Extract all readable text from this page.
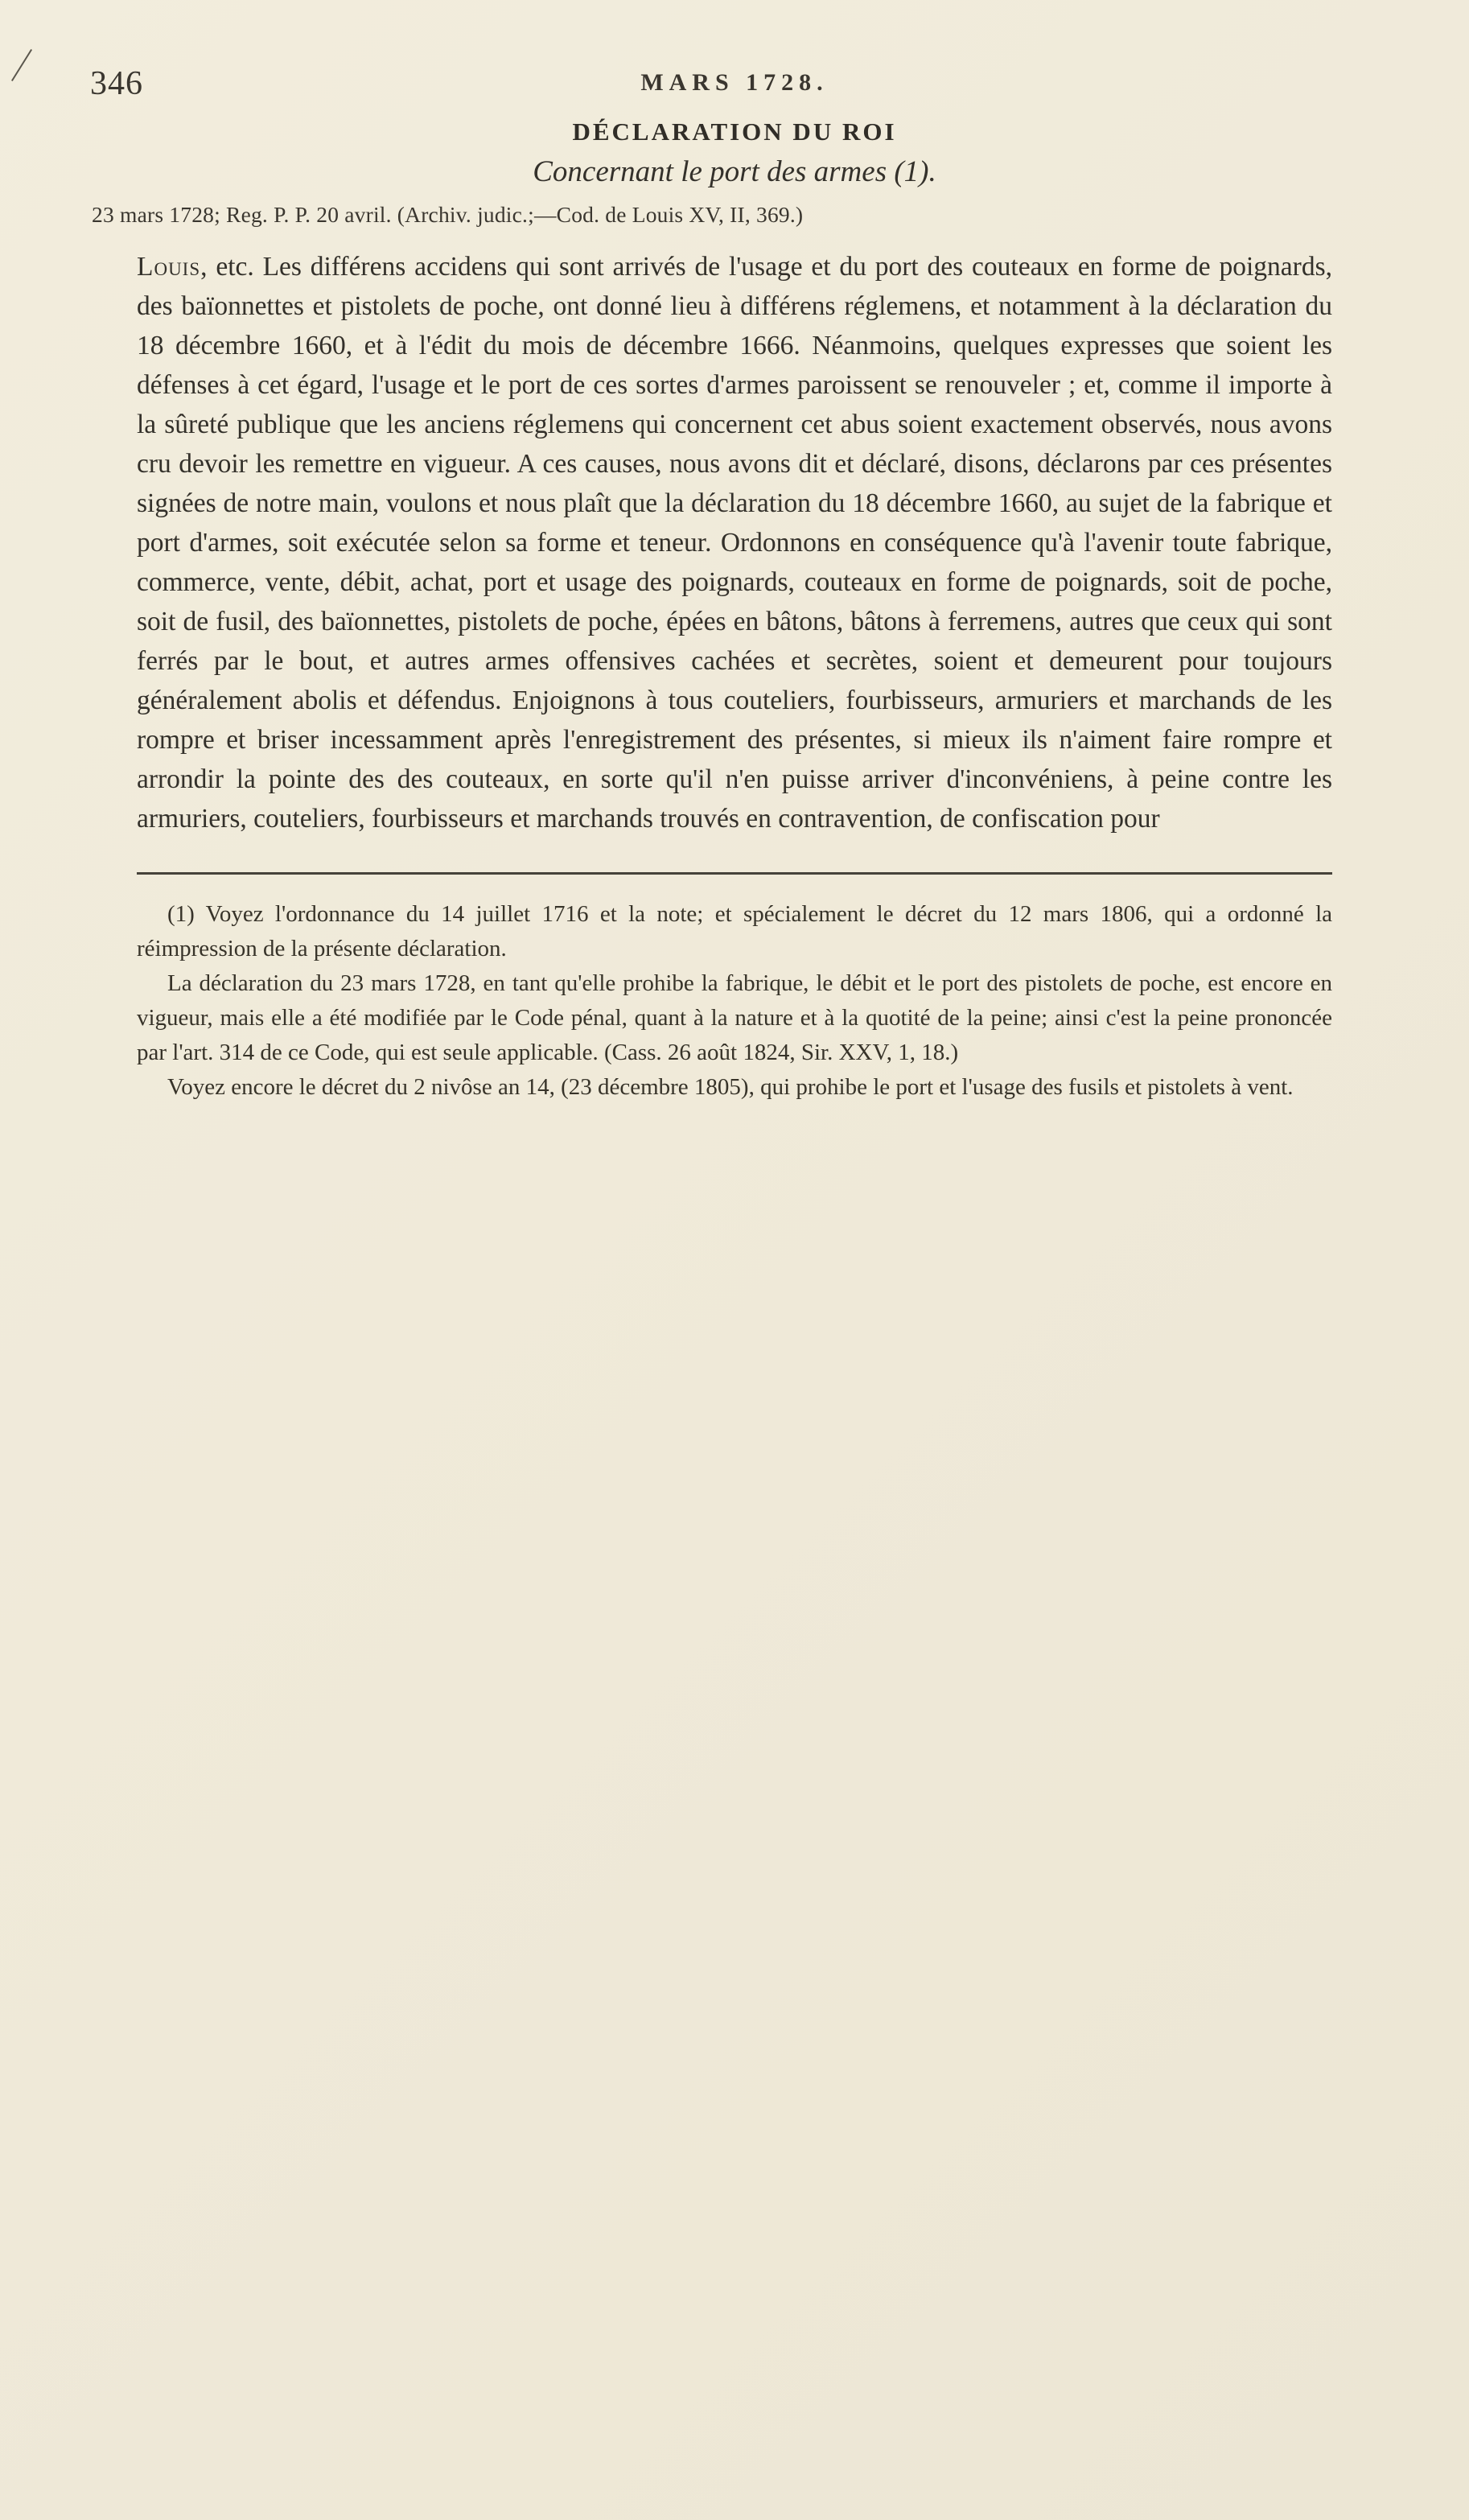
346	MARS 1728.
DÉCLARATION DU ROI
Concernant le port des armes (1).
23 mars 1728; Reg. P. P. 20 avril. (Archiv. judic.;—Cod. de Louis XV, II, 369.)
Louis, etc. Les différens accidens qui sont arrivés de l'usage et du port des couteaux en forme de poignards, des baïonnettes et pistolets de poche, ont donné lieu à différens réglemens, et notamment à la déclaration du 18 décembre 1660, et à l'édit du mois de décembre 1666. Néanmoins, quelques expresses que soient les défenses à cet égard, l'usage et le port de ces sortes d'armes paroissent se renouveler ; et, comme il importe à la sûreté publique que les anciens réglemens qui concernent cet abus soient exactement observés, nous avons cru devoir les remettre en vigueur. A ces causes, nous avons dit et déclaré, disons, déclarons par ces présentes signées de notre main, voulons et nous plaît que la déclaration du 18 décembre 1660, au sujet de la fabrique et port d'armes, soit exécutée selon sa forme et teneur. Ordonnons en conséquence qu'à l'avenir toute fabrique, commerce, vente, débit, achat, port et usage des poignards, couteaux en forme de poignards, soit de poche, soit de fusil, des baïonnettes, pistolets de poche, épées en bâtons, bâtons à ferremens, autres que ceux qui sont ferrés par le bout, et autres armes offensives cachées et secrètes, soient et demeurent pour toujours généralement abolis et défendus. Enjoignons à tous couteliers, fourbisseurs, armuriers et marchands de les rompre et briser incessamment après l'enregistrement des présentes, si mieux ils n'aiment faire rompre et arrondir la pointe des des couteaux, en sorte qu'il n'en puisse arriver d'inconvéniens, à peine contre les armuriers, couteliers, fourbisseurs et marchands trouvés en contravention, de confiscation pour

(1) Voyez l'ordonnance du 14 juillet 1716 et la note; et spécialement le décret du 12 mars 1806, qui a ordonné la réimpression de la présente déclaration.

La déclaration du 23 mars 1728, en tant qu'elle prohibe la fabrique, le débit et le port des pistolets de poche, est encore en vigueur, mais elle a été modifiée par le Code pénal, quant à la nature et à la quotité de la peine; ainsi c'est la peine prononcée par l'art. 314 de ce Code, qui est seule applicable. (Cass. 26 août 1824, Sir. XXV, 1, 18.)

Voyez encore le décret du 2 nivôse an 14, (23 décembre 1805), qui prohibe le port et l'usage des fusils et pistolets à vent.
